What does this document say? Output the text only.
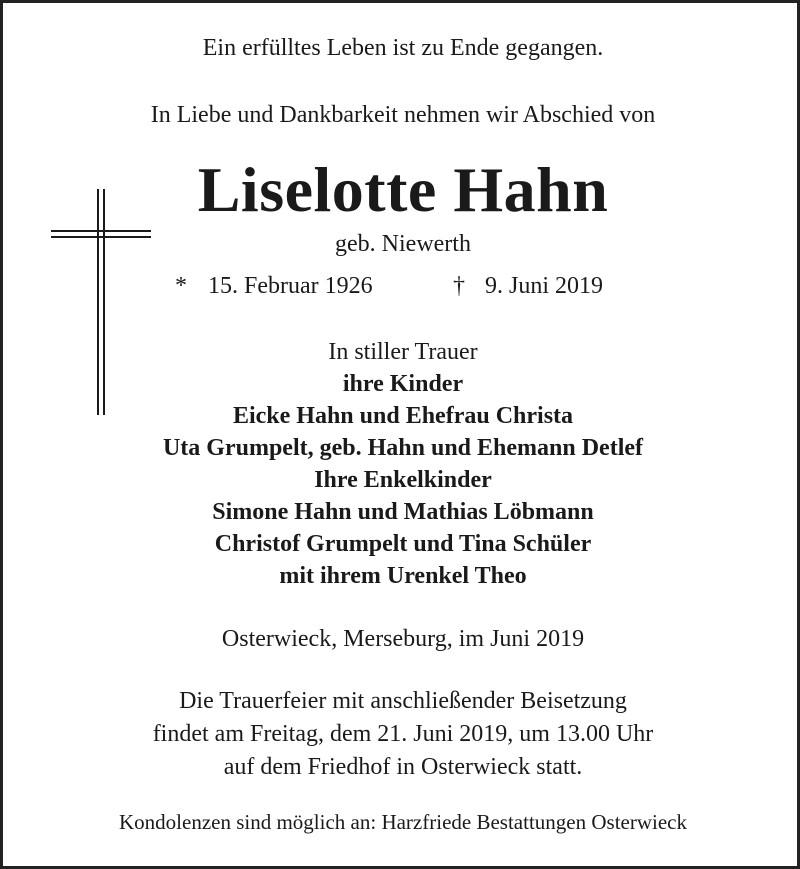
Ein erfülltes Leben ist zu Ende gegangen.
In Liebe und Dankbarkeit nehmen wir Abschied von
Liselotte Hahn
geb. Niewerth
* 15. Februar 1926	† 9. Juni 2019
In stiller Trauer
ihre Kinder
Eicke Hahn und Ehefrau Christa
Uta Grumpelt, geb. Hahn und Ehemann Detlef
Ihre Enkelkinder
Simone Hahn und Mathias Löbmann
Christof Grumpelt und Tina Schüler
mit ihrem Urenkel Theo
Osterwieck, Merseburg, im Juni 2019
Die Trauerfeier mit anschließender Beisetzung
findet am Freitag, dem 21. Juni 2019, um 13.00 Uhr
auf dem Friedhof in Osterwieck statt.
Kondolenzen sind möglich an: Harzfriede Bestattungen Osterwieck
